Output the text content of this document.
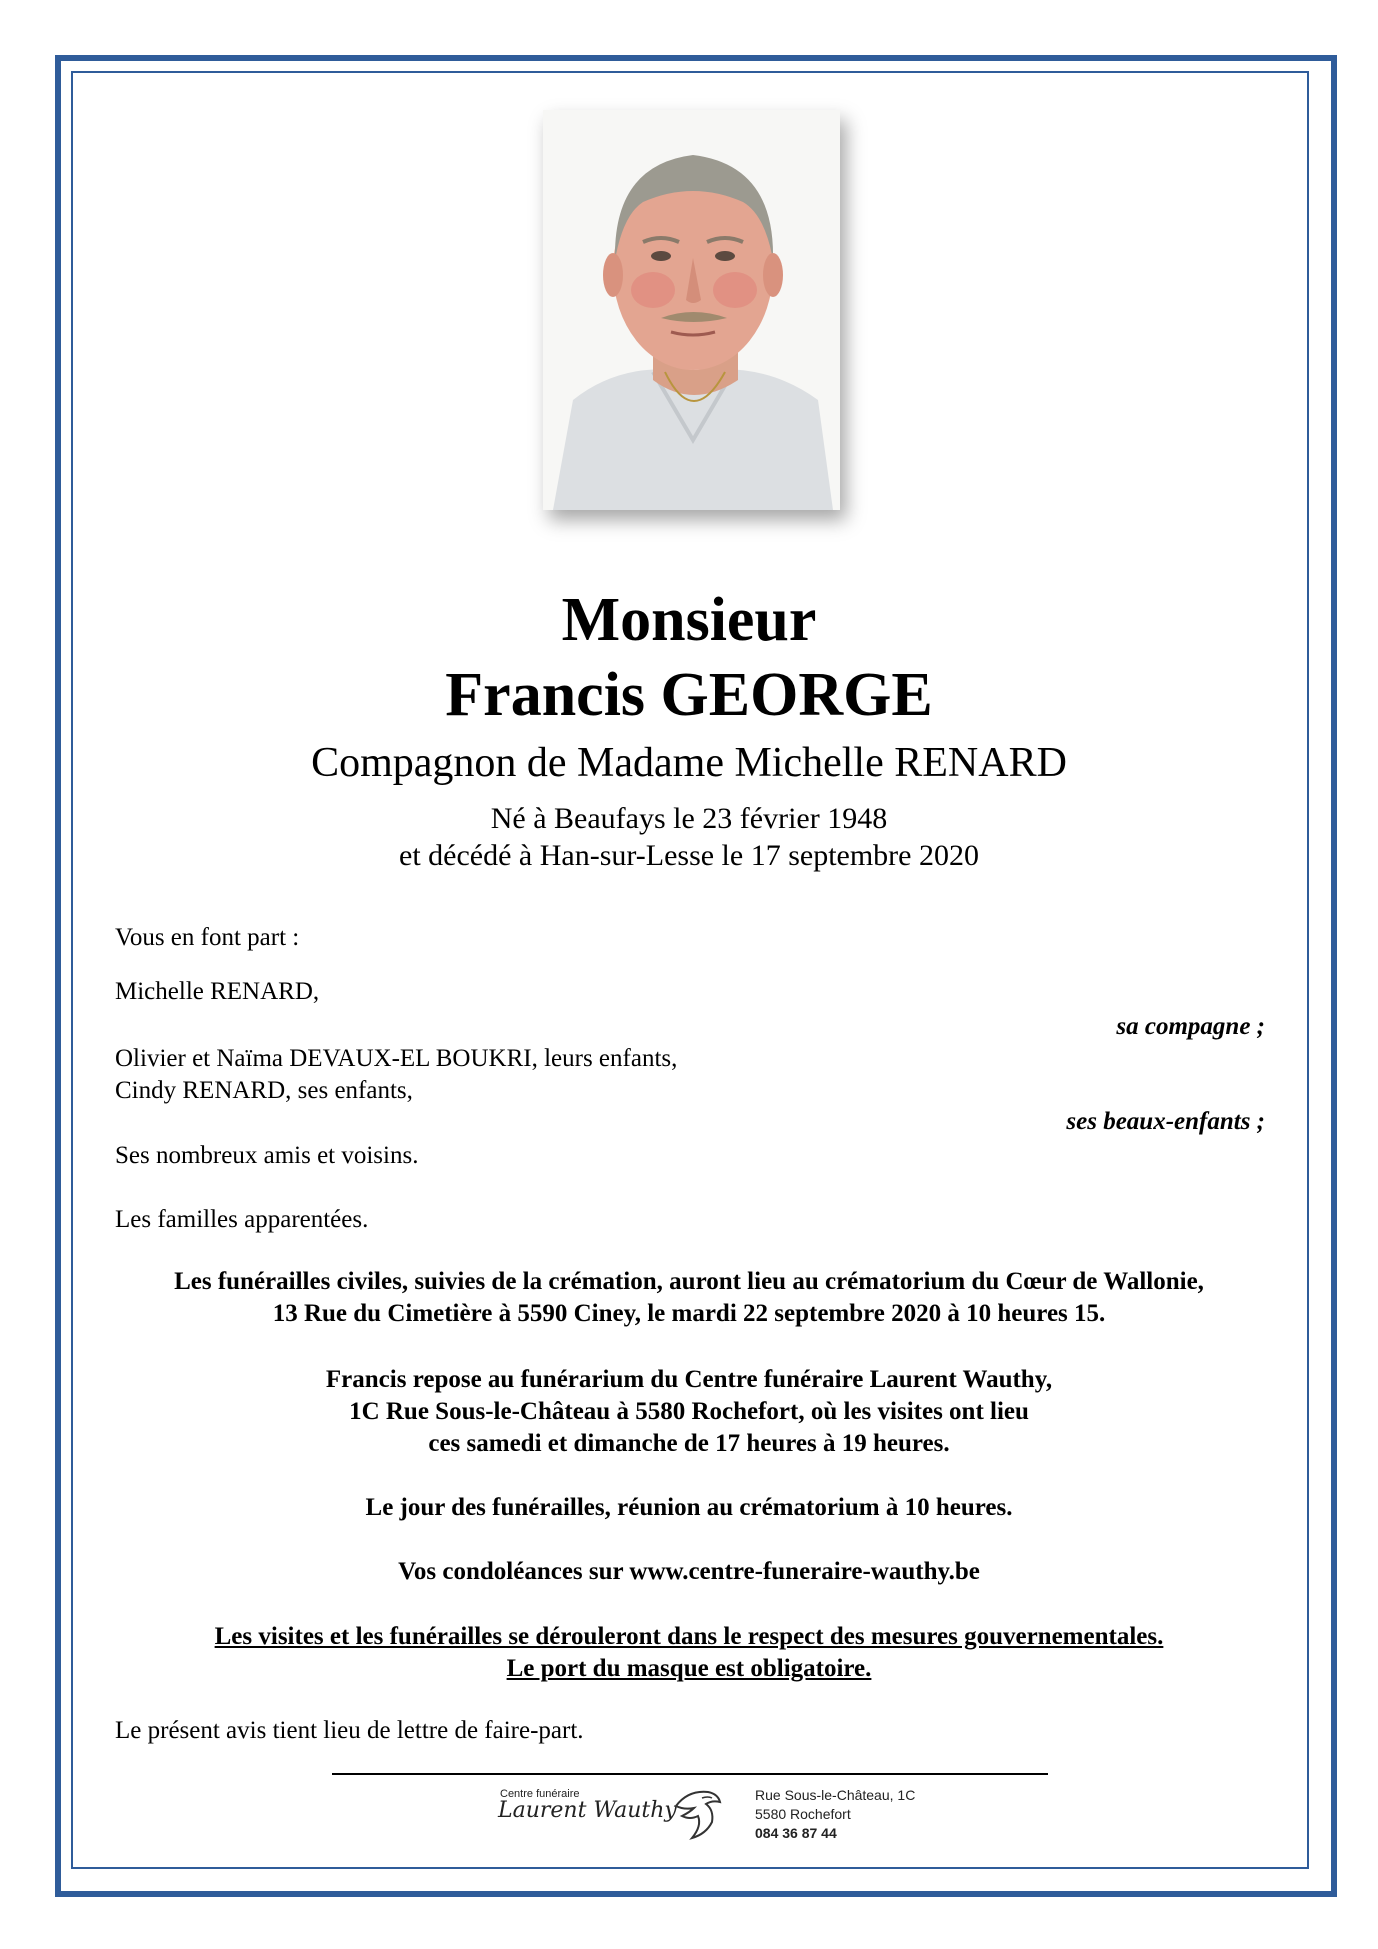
Monsieur

Francis GEORGE

Compagnon de Madame Michelle RENARD

Né à Beaufays le 23 février 1948

et décédé à Han-sur-Lesse le 17 septembre 2020

Vous en font part :

Michelle RENARD,

sa compagne ;

Olivier et Naïma DEVAUX-EL BOUKRI, leurs enfants,

Cindy RENARD, ses enfants,

ses beaux-enfants ;

Ses nombreux amis et voisins.

Les familles apparentées.

Les funérailles civiles, suivies de la crémation, auront lieu au crématorium du Cœur de Wallonie,
13 Rue du Cimetière à 5590 Ciney, le mardi 22 septembre 2020 à 10 heures 15.
Francis repose au funérarium du Centre funéraire Laurent Wauthy,
1C Rue Sous-le-Château à 5580 Rochefort, où les visites ont lieu
ces samedi et dimanche de 17 heures à 19 heures.
Le jour des funérailles, réunion au crématorium à 10 heures.
Vos condoléances sur www.centre-funeraire-wauthy.be
Les visites et les funérailles se dérouleront dans le respect des mesures gouvernementales.
Le port du masque est obligatoire.

Le présent avis tient lieu de lettre de faire-part.

Centre funéraire
Laurent Wauthy
Rue Sous-le-Château, 1C
5580 Rochefort
084 36 87 44
